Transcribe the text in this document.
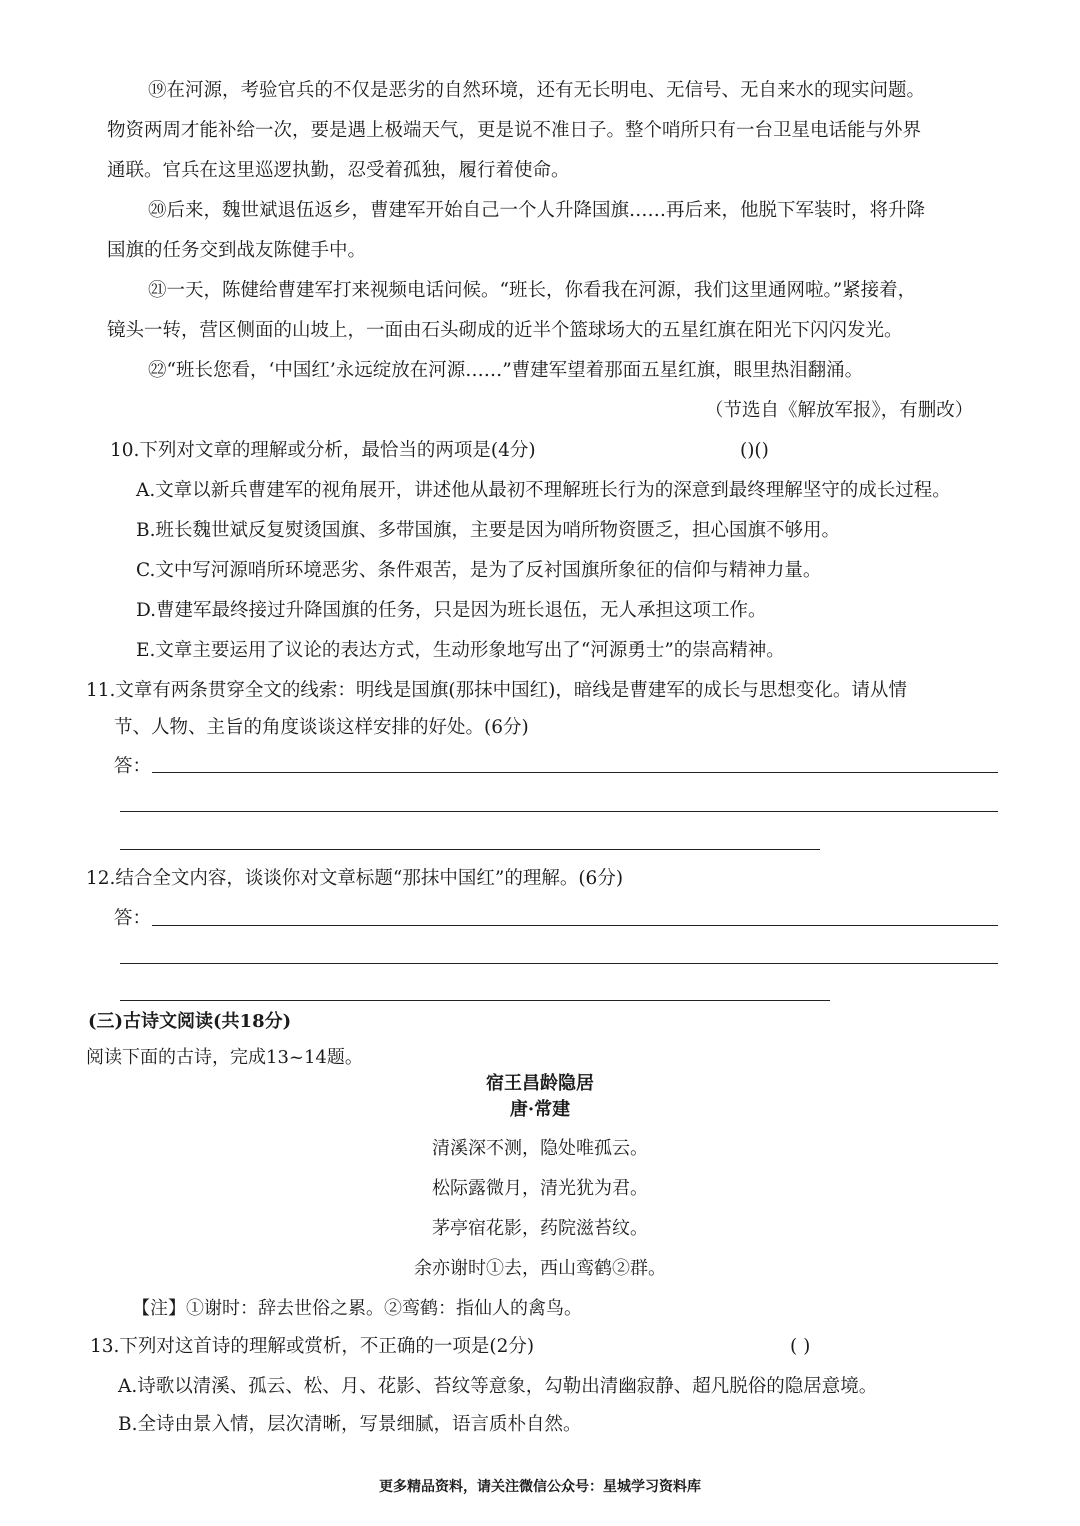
⑲在河源，考验官兵的不仅是恶劣的自然环境，还有无长明电、无信号、无自来水的现实问题。
物资两周才能补给一次，要是遇上极端天气，更是说不准日子。整个哨所只有一台卫星电话能与外界
通联。官兵在这里巡逻执勤，忍受着孤独，履行着使命。
⑳后来，魏世斌退伍返乡，曹建军开始自己一个人升降国旗……再后来，他脱下军装时，将升降
国旗的任务交到战友陈健手中。
㉑一天，陈健给曹建军打来视频电话问候。“班长，你看我在河源，我们这里通网啦。”紧接着，
镜头一转，营区侧面的山坡上，一面由石头砌成的近半个篮球场大的五星红旗在阳光下闪闪发光。
㉒“班长您看，‘中国红’永远绽放在河源……”曹建军望着那面五星红旗，眼里热泪翻涌。
（节选自《解放军报》，有删改）
10.下列对文章的理解或分析，最恰当的两项是(4分)	()()
A.文章以新兵曹建军的视角展开，讲述他从最初不理解班长行为的深意到最终理解坚守的成长过程。
B.班长魏世斌反复熨烫国旗、多带国旗，主要是因为哨所物资匮乏，担心国旗不够用。
C.文中写河源哨所环境恶劣、条件艰苦，是为了反衬国旗所象征的信仰与精神力量。
D.曹建军最终接过升降国旗的任务，只是因为班长退伍，无人承担这项工作。
E.文章主要运用了议论的表达方式，生动形象地写出了“河源勇士”的崇高精神。
11.文章有两条贯穿全文的线索：明线是国旗(那抹中国红)，暗线是曹建军的成长与思想变化。请从情
节、人物、主旨的角度谈谈这样安排的好处。(6分)
答：
12.结合全文内容，谈谈你对文章标题“那抹中国红”的理解。(6分)
答：
(三)古诗文阅读(共18分)
阅读下面的古诗，完成13~14题。
宿王昌龄隐居
唐·常建
清溪深不测，隐处唯孤云。
松际露微月，清光犹为君。
茅亭宿花影，药院滋苔纹。
余亦谢时①去，西山鸾鹤②群。
【注】①谢时：辞去世俗之累。②鸾鹤：指仙人的禽鸟。
13.下列对这首诗的理解或赏析，不正确的一项是(2分)	( )
A.诗歌以清溪、孤云、松、月、花影、苔纹等意象，勾勒出清幽寂静、超凡脱俗的隐居意境。
B.全诗由景入情，层次清晰，写景细腻，语言质朴自然。
更多精品资料，请关注微信公众号：星城学习资料库
